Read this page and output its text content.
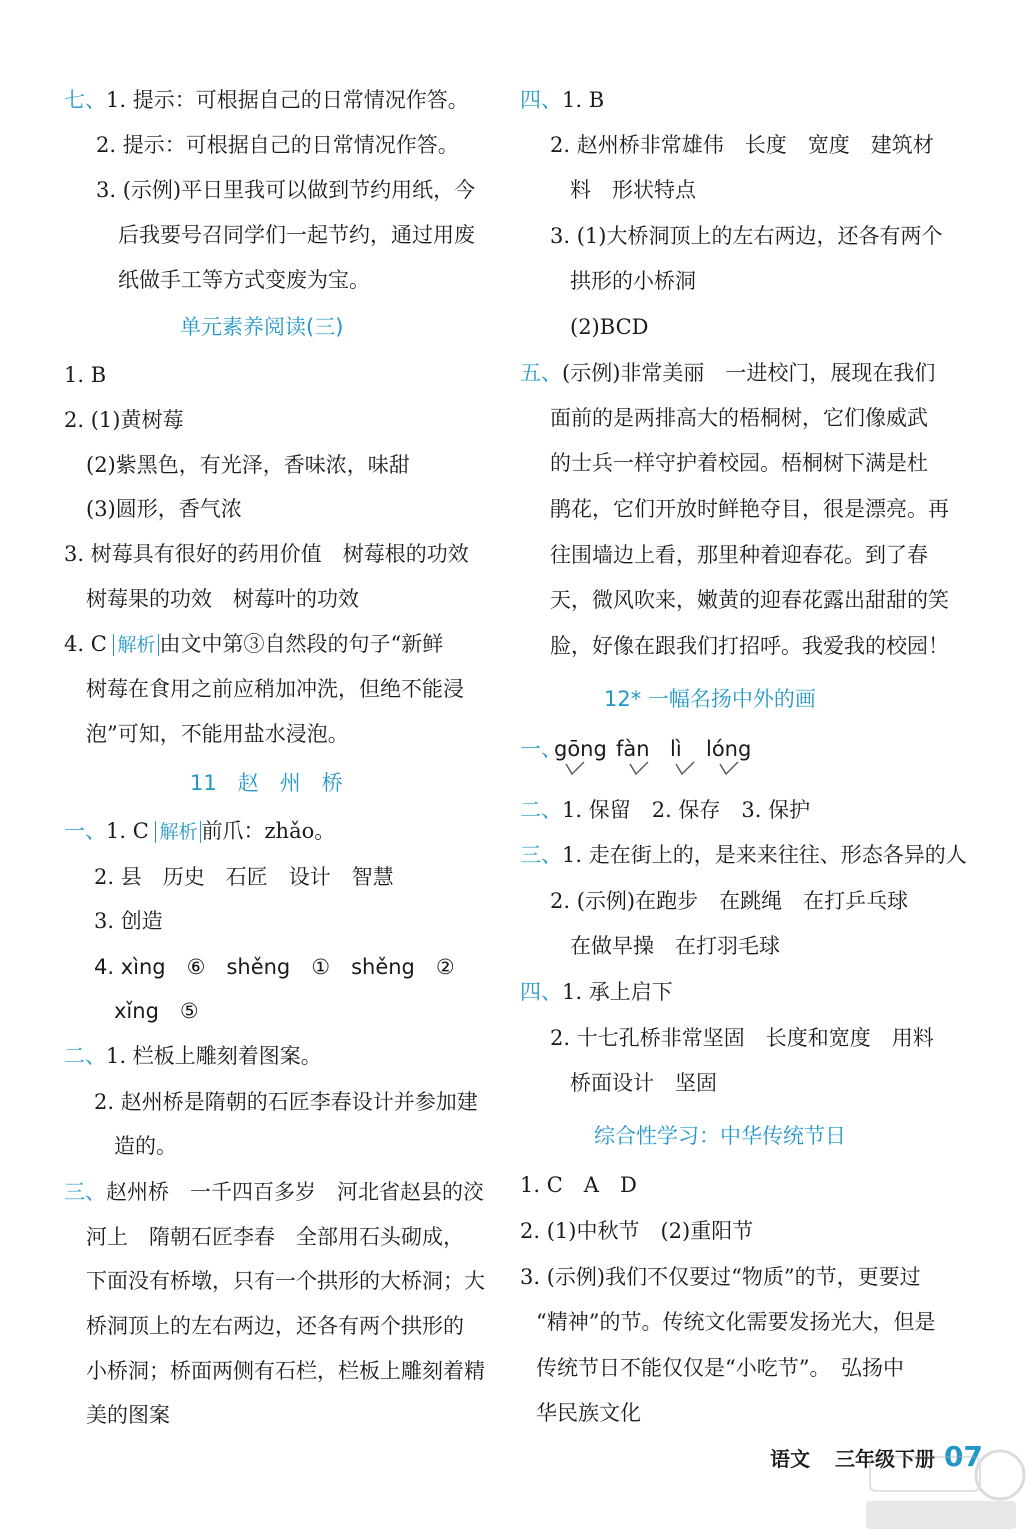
七、1. 提示：可根据自己的日常情况作答。
2. 提示：可根据自己的日常情况作答。
3. (示例)平日里我可以做到节约用纸，今
后我要号召同学们一起节约，通过用废
纸做手工等方式变废为宝。
单元素养阅读(三)
1. B
2. (1)黄树莓
(2)紫黑色，有光泽，香味浓，味甜
(3)圆形，香气浓
3. 树莓具有很好的药用价值　树莓根的功效
树莓果的功效　树莓叶的功效
4. C 解析 由文中第③自然段的句子“新鲜
树莓在食用之前应稍加冲洗，但绝不能浸
泡”可知，不能用盐水浸泡。
11　赵　州　桥
一、1. C 解析 前爪：zhǎo。
2. 县　历史　石匠　设计　智慧
3. 创造
4. xìng　⑥　shěng　①　shěng　②
xǐng　⑤
二、1. 栏板上雕刻着图案。
2. 赵州桥是隋朝的石匠李春设计并参加建
造的。
三、赵州桥　一千四百多岁　河北省赵县的洨
河上　隋朝石匠李春　全部用石头砌成，
下面没有桥墩，只有一个拱形的大桥洞；大
桥洞顶上的左右两边，还各有两个拱形的
小桥洞；桥面两侧有石栏，栏板上雕刻着精
美的图案
四、1. B
2. 赵州桥非常雄伟　长度　宽度　建筑材
料　形状特点
3. (1)大桥洞顶上的左右两边，还各有两个
拱形的小桥洞
(2)BCD
五、(示例)非常美丽　一进校门，展现在我们
面前的是两排高大的梧桐树，它们像威武
的士兵一样守护着校园。梧桐树下满是杜
鹃花，它们开放时鲜艳夺目，很是漂亮。再
往围墙边上看，那里种着迎春花。到了春
天，微风吹来，嫩黄的迎春花露出甜甜的笑
脸，好像在跟我们打招呼。我爱我的校园！
12* 一幅名扬中外的画
一、
gōng fàn lì lóng
二、1. 保留　2. 保存　3. 保护
三、1. 走在街上的，是来来往往、形态各异的人
2. (示例)在跑步　在跳绳　在打乒乓球
在做早操　在打羽毛球
四、1. 承上启下
2. 十七孔桥非常坚固　长度和宽度　用料
桥面设计　坚固
综合性学习：中华传统节日
1. C　A　D
2. (1)中秋节　(2)重阳节
3. (示例)我们不仅要过“物质”的节，更要过
“精神”的节。传统文化需要发扬光大，但是
传统节日不能仅仅是“小吃节”。　弘扬中
华民族文化
语文 三年级下册 07
